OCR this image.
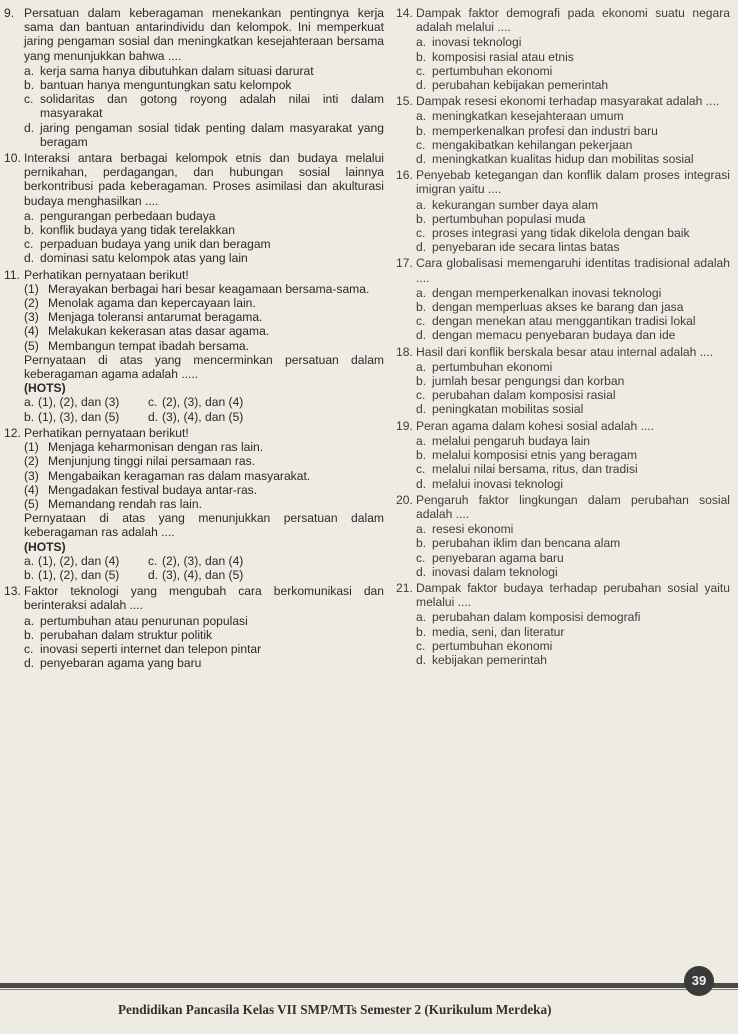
9. Persatuan dalam keberagaman menekankan pentingnya kerja sama dan bantuan antarindividu dan kelompok. Ini memperkuat jaring pengaman sosial dan meningkatkan kesejahteraan bersama yang menunjukkan bahwa ....
a. kerja sama hanya dibutuhkan dalam situasi darurat
b. bantuan hanya menguntungkan satu kelompok
c. solidaritas dan gotong royong adalah nilai inti dalam masyarakat
d. jaring pengaman sosial tidak penting dalam masyarakat yang beragam
10. Interaksi antara berbagai kelompok etnis dan budaya melalui pernikahan, perdagangan, dan hubungan sosial lainnya berkontribusi pada keberagaman. Proses asimilasi dan akulturasi budaya menghasilkan ....
a. pengurangan perbedaan budaya
b. konflik budaya yang tidak terelakkan
c. perpaduan budaya yang unik dan beragam
d. dominasi satu kelompok atas yang lain
11. Perhatikan pernyataan berikut!
(1) Merayakan berbagai hari besar keagamaan bersama-sama.
(2) Menolak agama dan kepercayaan lain.
(3) Menjaga toleransi antarumat beragama.
(4) Melakukan kekerasan atas dasar agama.
(5) Membangun tempat ibadah bersama.
Pernyataan di atas yang mencerminkan persatuan dalam keberagaman agama adalah .....
(HOTS)
a. (1), (2), dan (3)	c. (2), (3), dan (4)
b. (1), (3), dan (5)	d. (3), (4), dan (5)
12. Perhatikan pernyataan berikut!
(1) Menjaga keharmonisan dengan ras lain.
(2) Menjunjung tinggi nilai persamaan ras.
(3) Mengabaikan keragaman ras dalam masyarakat.
(4) Mengadakan festival budaya antar-ras.
(5) Memandang rendah ras lain.
Pernyataan di atas yang menunjukkan persatuan dalam keberagaman ras adalah ....
(HOTS)
a. (1), (2), dan (4)	c. (2), (3), dan (4)
b. (1), (2), dan (5)	d. (3), (4), dan (5)
13. Faktor teknologi yang mengubah cara berkomunikasi dan berinteraksi adalah ....
a. pertumbuhan atau penurunan populasi
b. perubahan dalam struktur politik
c. inovasi seperti internet dan telepon pintar
d. penyebaran agama yang baru
14. Dampak faktor demografi pada ekonomi suatu negara adalah melalui ....
a. inovasi teknologi
b. komposisi rasial atau etnis
c. pertumbuhan ekonomi
d. perubahan kebijakan pemerintah
15. Dampak resesi ekonomi terhadap masyarakat adalah ....
a. meningkatkan kesejahteraan umum
b. memperkenalkan profesi dan industri baru
c. mengakibatkan kehilangan pekerjaan
d. meningkatkan kualitas hidup dan mobilitas sosial
16. Penyebab ketegangan dan konflik dalam proses integrasi imigran yaitu ....
a. kekurangan sumber daya alam
b. pertumbuhan populasi muda
c. proses integrasi yang tidak dikelola dengan baik
d. penyebaran ide secara lintas batas
17. Cara globalisasi memengaruhi identitas tradisional adalah ....
a. dengan memperkenalkan inovasi teknologi
b. dengan memperluas akses ke barang dan jasa
c. dengan menekan atau menggantikan tradisi lokal
d. dengan memacu penyebaran budaya dan ide
18. Hasil dari konflik berskala besar atau internal adalah ....
a. pertumbuhan ekonomi
b. jumlah besar pengungsi dan korban
c. perubahan dalam komposisi rasial
d. peningkatan mobilitas sosial
19. Peran agama dalam kohesi sosial adalah ....
a. melalui pengaruh budaya lain
b. melalui komposisi etnis yang beragam
c. melalui nilai bersama, ritus, dan tradisi
d. melalui inovasi teknologi
20. Pengaruh faktor lingkungan dalam perubahan sosial adalah ....
a. resesi ekonomi
b. perubahan iklim dan bencana alam
c. penyebaran agama baru
d. inovasi dalam teknologi
21. Dampak faktor budaya terhadap perubahan sosial yaitu melalui ....
a. perubahan dalam komposisi demografi
b. media, seni, dan literatur
c. pertumbuhan ekonomi
d. kebijakan pemerintah
39
Pendidikan Pancasila Kelas VII SMP/MTs Semester 2 (Kurikulum Merdeka)
